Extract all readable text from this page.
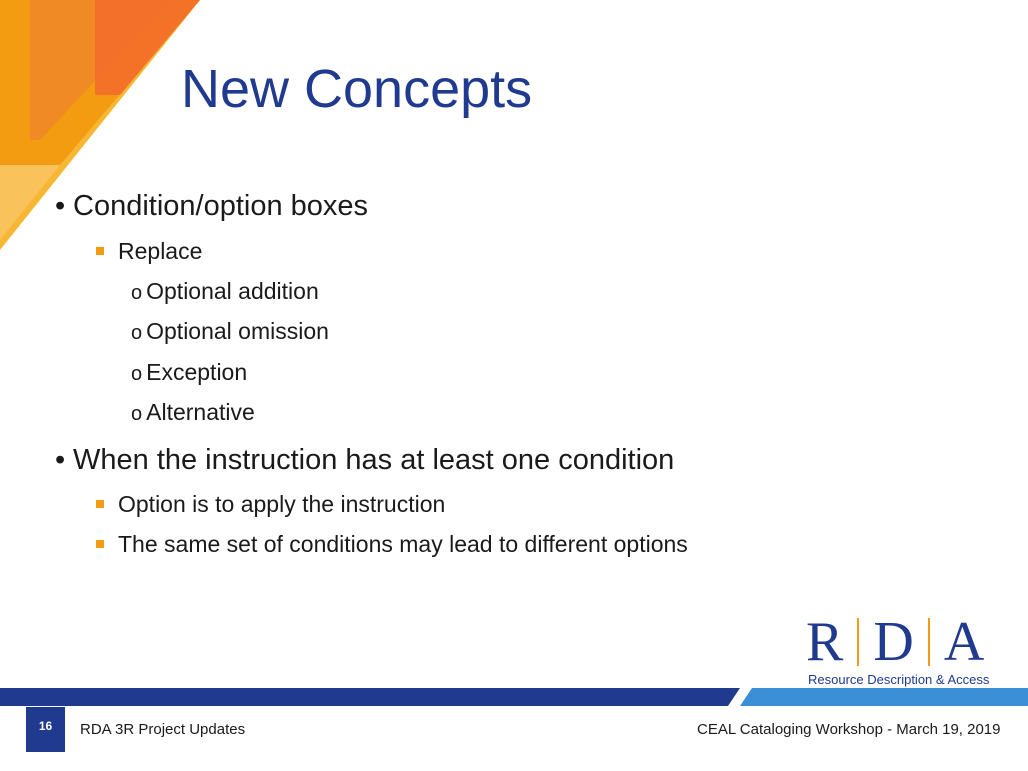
New Concepts
• Condition/option boxes
Replace
o Optional addition
o Optional omission
o Exception
o Alternative
• When the instruction has at least one condition
Option is to apply the instruction
The same set of conditions may lead to different options
R D A
Resource Description & Access
16	RDA 3R Project Updates	CEAL Cataloging Workshop - March 19, 2019
